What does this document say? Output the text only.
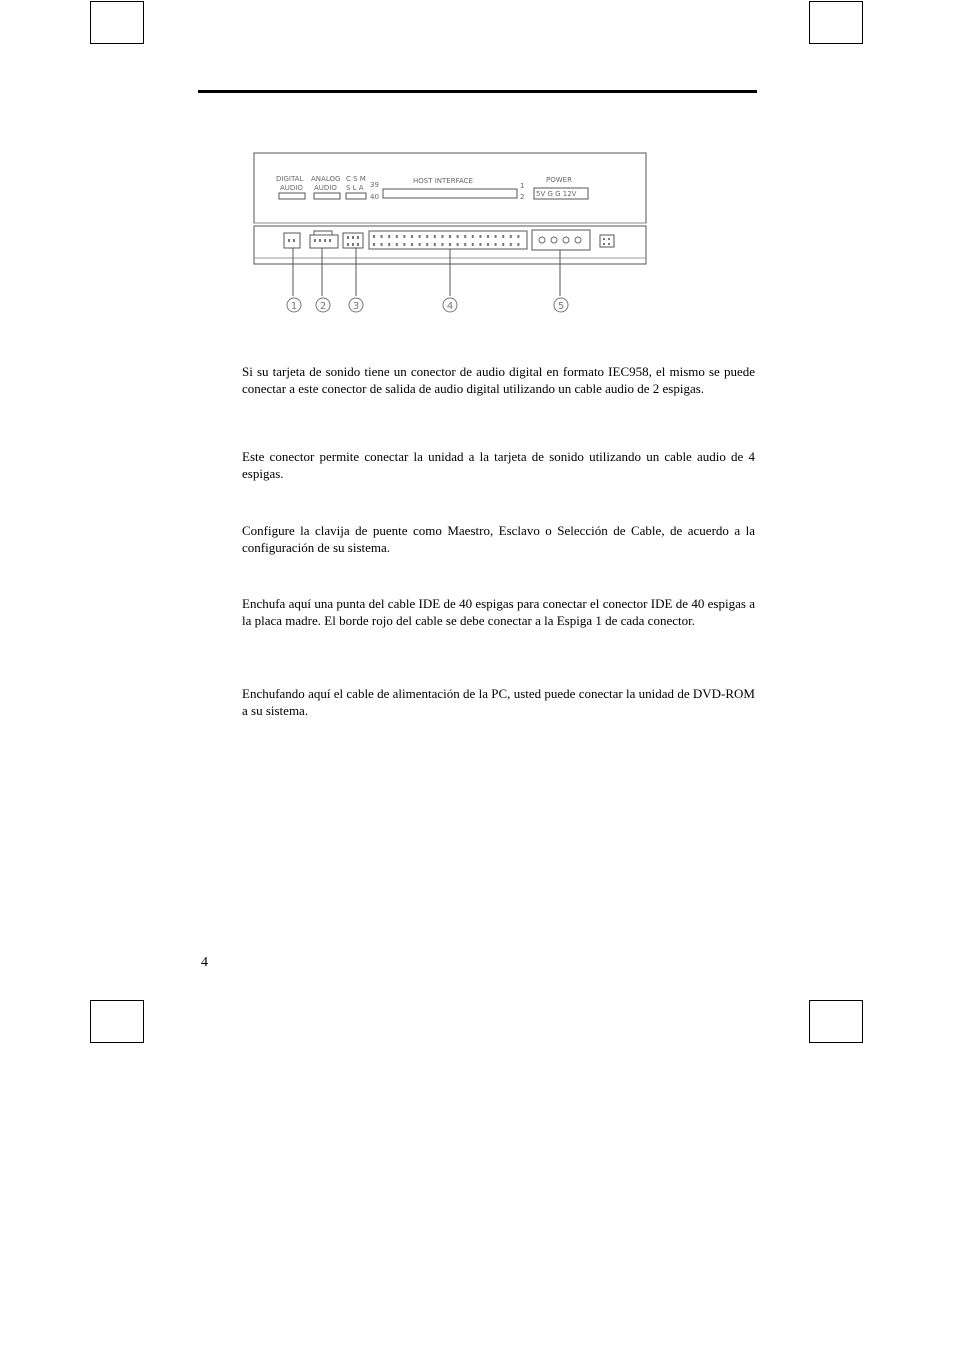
DIGITAL
AUDIO
ANALOG
AUDIO
C S M
S L A 39
40
HOST INTERFACE
1
2
POWER
5V G G 12V
1 2	3	4	5

Si su tarjeta de sonido tiene un conector de audio digital en formato IEC958, el mismo se puede conectar a este conector de salida de audio digital utilizando un cable audio de 2 espigas.

Este conector permite conectar la unidad a la tarjeta de sonido utilizando un cable audio de 4 espigas.

Configure la clavija de puente como Maestro, Esclavo o Selección de Cable, de acuerdo a la configuración de su sistema.

Enchufa aquí una punta del cable IDE de 40 espigas para conectar el conector IDE de 40 espigas a la placa madre. El borde rojo del cable se debe conectar a la Espiga 1 de cada conector.

Enchufando aquí el cable de alimentación de la PC, usted puede conectar la unidad de DVD-ROM a su sistema.

4
